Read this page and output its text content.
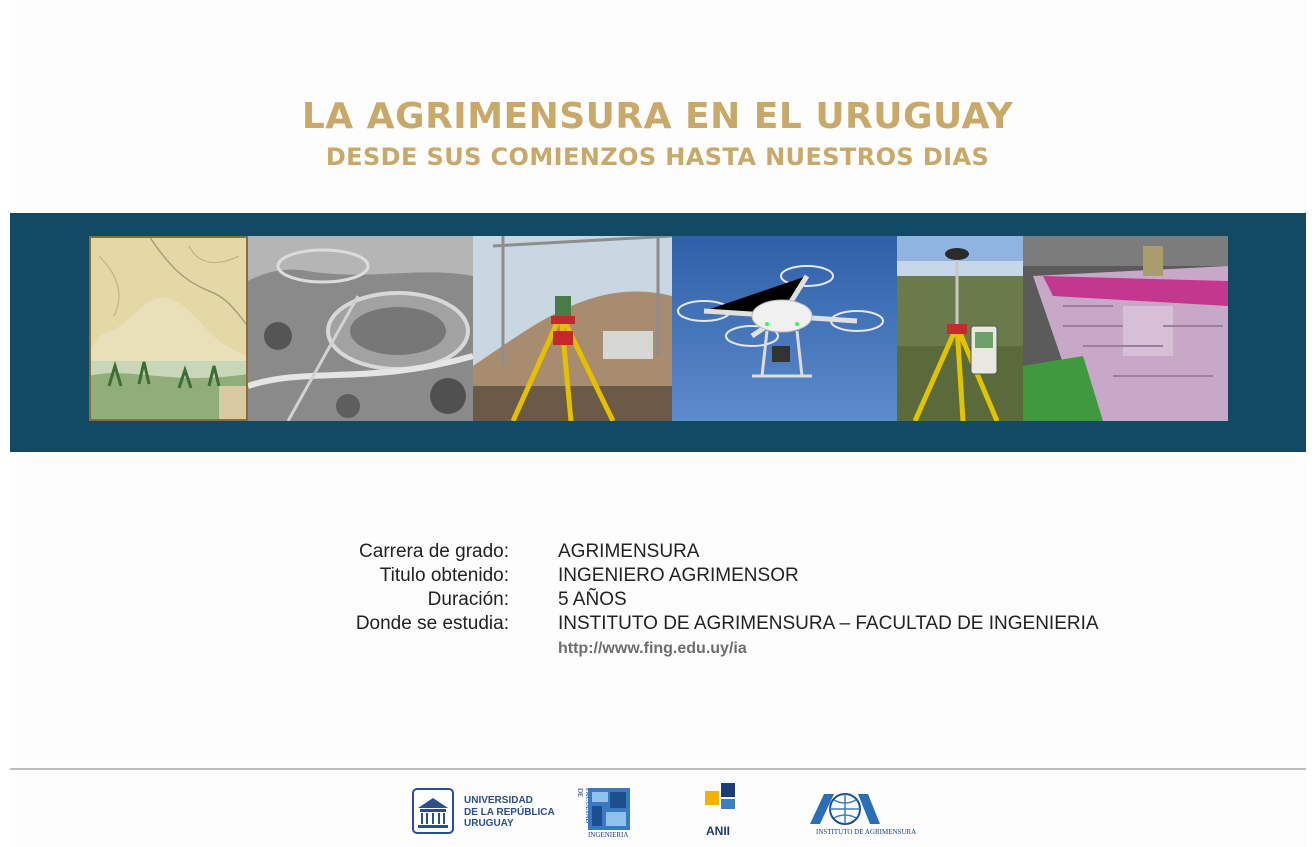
LA AGRIMENSURA EN EL URUGUAY
DESDE SUS COMIENZOS HASTA NUESTROS DIAS
Carrera de grado:	AGRIMENSURA
Titulo obtenido:	INGENIERO AGRIMENSOR
Duración:	5 AÑOS
Donde se estudia:	INSTITUTO DE AGRIMENSURA – FACULTAD DE INGENIERIA
http://www.fing.edu.uy/ia
UNIVERSIDAD
DE LA REPÚBLICA
URUGUAY
DE
INGENIERIA	ANII	INSTITUTO DE AGRIMENSURA
